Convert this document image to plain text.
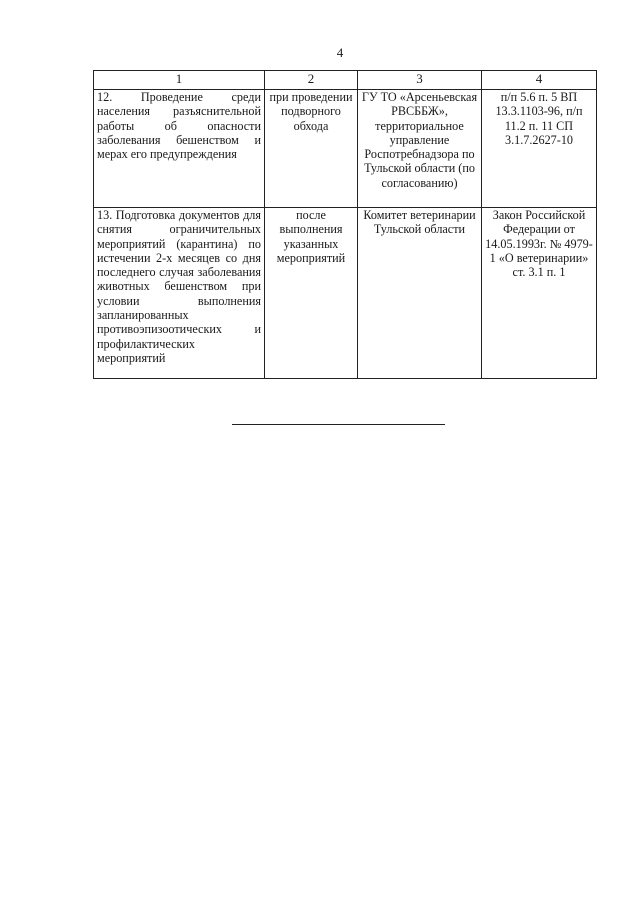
4
1	2	3	4
12. Проведение среди населения разъяснительной работы об опасности заболевания бешенством и мерах его предупреждения	при проведении подворного обхода	ГУ ТО «Арсеньевская РВСББЖ», территориальное управление Роспотребнадзора по Тульской области (по согласованию)	п/п 5.6 п. 5 ВП 13.3.1103-96, п/п 11.2 п. 11 СП 3.1.7.2627-10
13. Подготовка документов для снятия ограничительных мероприятий (карантина) по истечении 2-х месяцев со дня последнего случая заболевания животных бешенством при условии выполнения запланированных противоэпизоотических и профилактических мероприятий	после выполнения указанных мероприятий	Комитет ветеринарии Тульской области	Закон Российской Федерации от 14.05.1993г. № 4979-1 «О ветеринарии» ст. 3.1 п. 1
